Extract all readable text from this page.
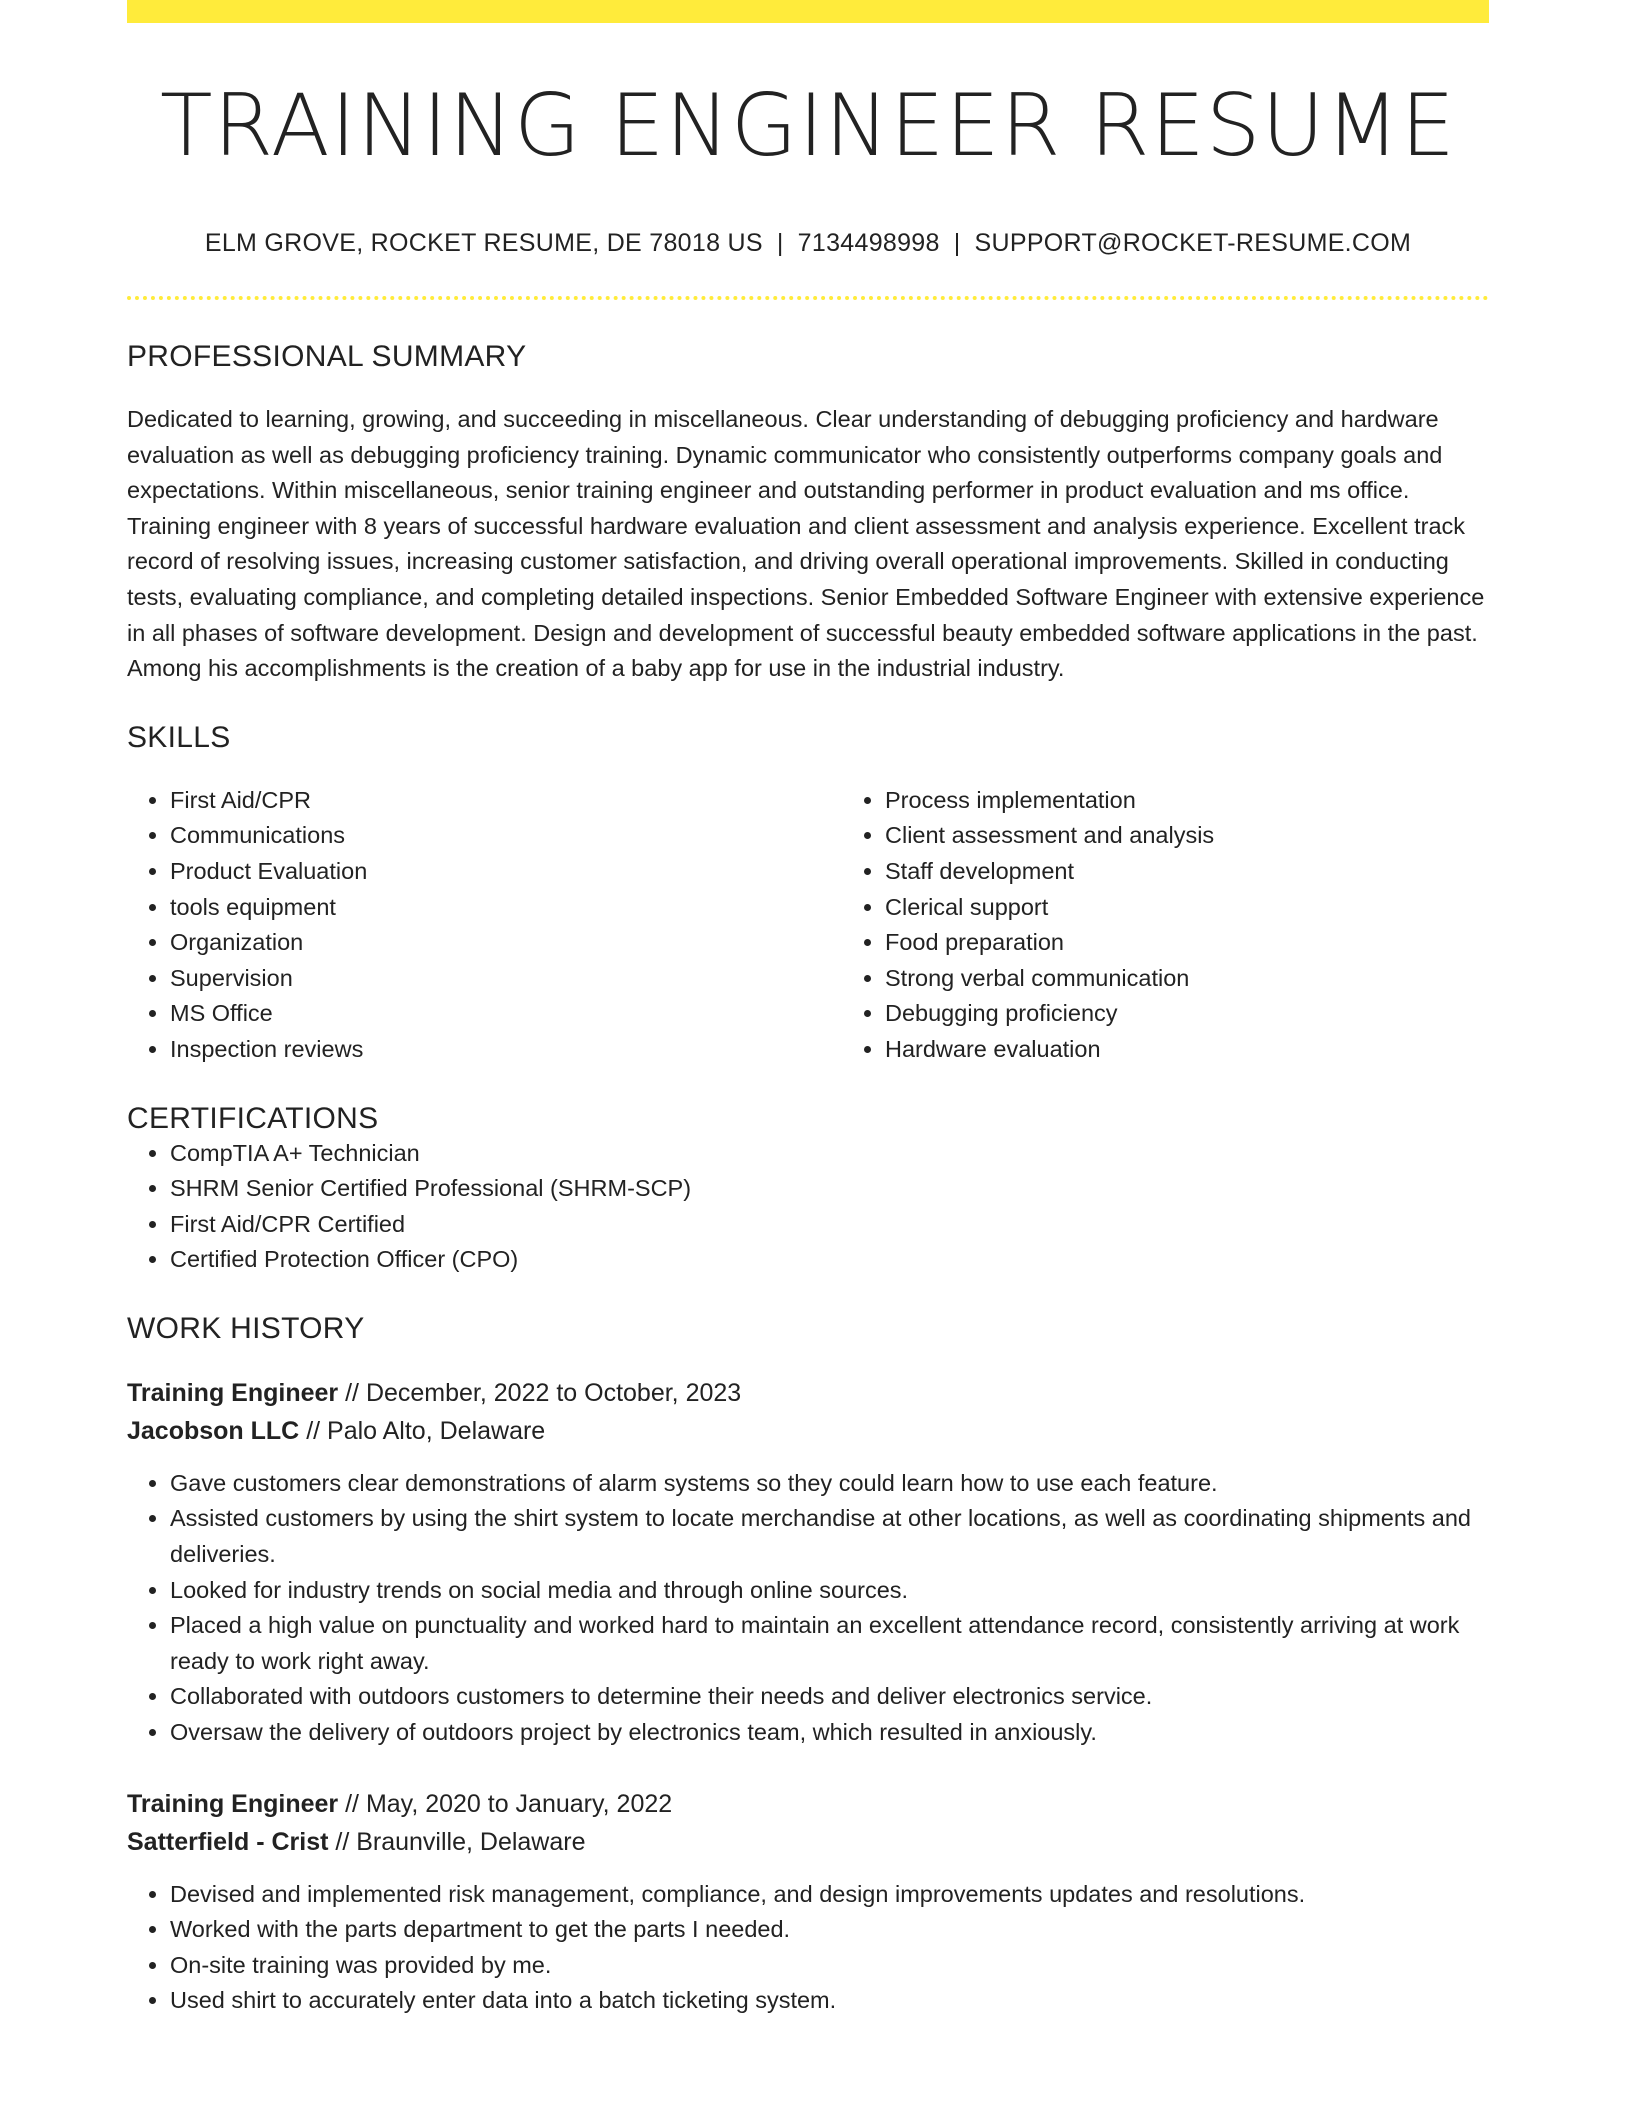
TRAINING ENGINEER RESUME
ELM GROVE, ROCKET RESUME, DE 78018 US | 7134498998 | SUPPORT@ROCKET-RESUME.COM
PROFESSIONAL SUMMARY

Dedicated to learning, growing, and succeeding in miscellaneous. Clear understanding of debugging proficiency and hardware evaluation as well as debugging proficiency training. Dynamic communicator who consistently outperforms company goals and expectations. Within miscellaneous, senior training engineer and outstanding performer in product evaluation and ms office. Training engineer with 8 years of successful hardware evaluation and client assessment and analysis experience. Excellent track record of resolving issues, increasing customer satisfaction, and driving overall operational improvements. Skilled in conducting tests, evaluating compliance, and completing detailed inspections. Senior Embedded Software Engineer with extensive experience in all phases of software development. Design and development of successful beauty embedded software applications in the past. Among his accomplishments is the creation of a baby app for use in the industrial industry.

SKILLS
• First Aid/CPR
• Communications
• Product Evaluation
• tools equipment
• Organization
• Supervision
• MS Office
• Inspection reviews
• Process implementation
• Client assessment and analysis
• Staff development
• Clerical support
• Food preparation
• Strong verbal communication
• Debugging proficiency
• Hardware evaluation
CERTIFICATIONS
• CompTIA A+ Technician
• SHRM Senior Certified Professional (SHRM-SCP)
• First Aid/CPR Certified
• Certified Protection Officer (CPO)
WORK HISTORY
Training Engineer // December, 2022 to October, 2023
Jacobson LLC // Palo Alto, Delaware
• Gave customers clear demonstrations of alarm systems so they could learn how to use each feature.
• Assisted customers by using the shirt system to locate merchandise at other locations, as well as coordinating shipments and deliveries.
• Looked for industry trends on social media and through online sources.
• Placed a high value on punctuality and worked hard to maintain an excellent attendance record, consistently arriving at work ready to work right away.
• Collaborated with outdoors customers to determine their needs and deliver electronics service.
• Oversaw the delivery of outdoors project by electronics team, which resulted in anxiously.
Training Engineer // May, 2020 to January, 2022
Satterfield - Crist // Braunville, Delaware
• Devised and implemented risk management, compliance, and design improvements updates and resolutions.
• Worked with the parts department to get the parts I needed.
• On-site training was provided by me.
• Used shirt to accurately enter data into a batch ticketing system.
